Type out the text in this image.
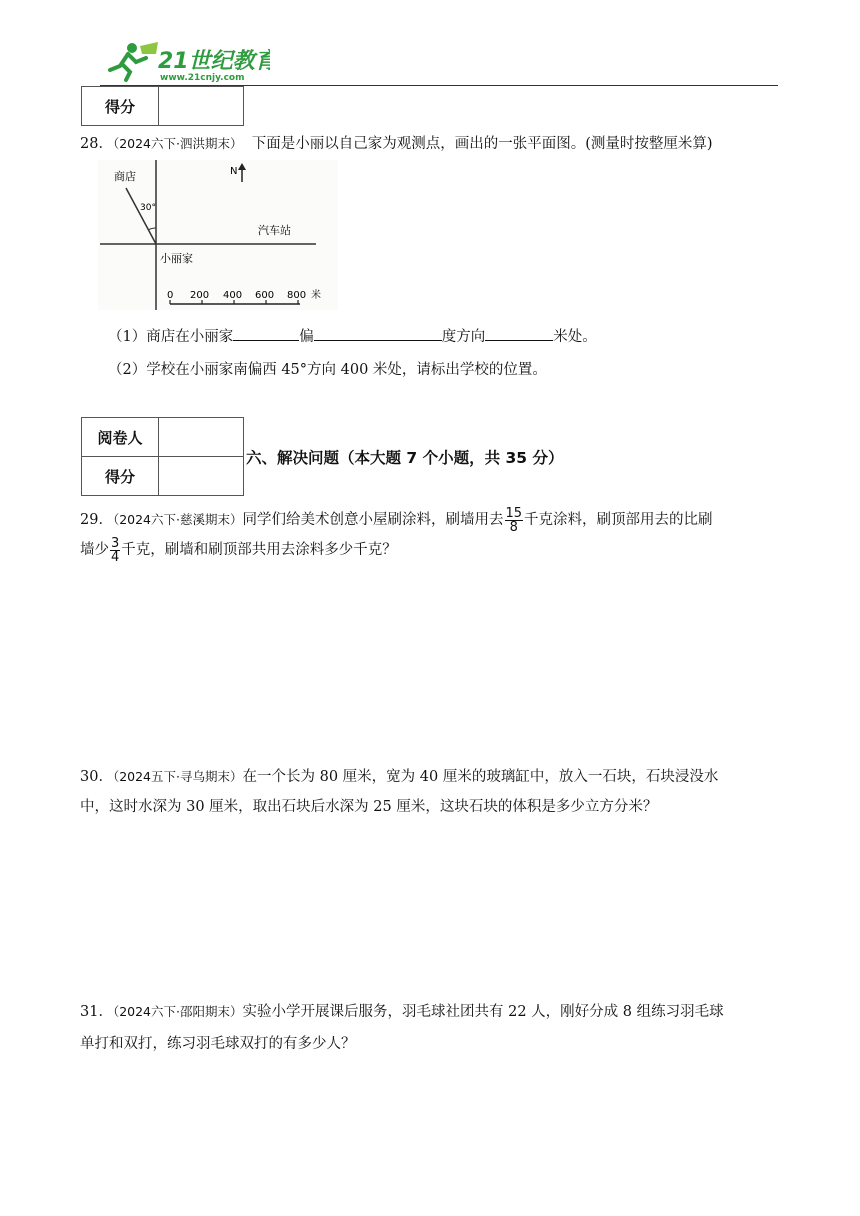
21世纪教育
www.21cnjy.com
得分	
28．（2024六下·泗洪期末） 下面是小丽以自己家为观测点，画出的一张平面图。(测量时按整厘米算)
N
商店
30°
汽车站
小丽家
0 200 400 600 800 米
（1）商店在小丽家	偏	度方向	米处。
（2）学校在小丽家南偏西 45°方向 400 米处，请标出学校的位置。
阅卷人	
得分	
六、解决问题（本大题 7 个小题，共 35 分）
29．（2024六下·慈溪期末）同学们给美术创意小屋刷涂料，刷墙用去 $\frac{15}{8}$ 千克涂料，刷顶部用去的比刷
墙少 $\frac{3}{4}$ 千克，刷墙和刷顶部共用去涂料多少千克？
30．（2024五下·寻乌期末）在一个长为 80 厘米，宽为 40 厘米的玻璃缸中，放入一石块，石块浸没水
中，这时水深为 30 厘米，取出石块后水深为 25 厘米，这块石块的体积是多少立方分米？
31．（2024六下·邵阳期末）实验小学开展课后服务，羽毛球社团共有 22 人，刚好分成 8 组练习羽毛球
单打和双打，练习羽毛球双打的有多少人？
